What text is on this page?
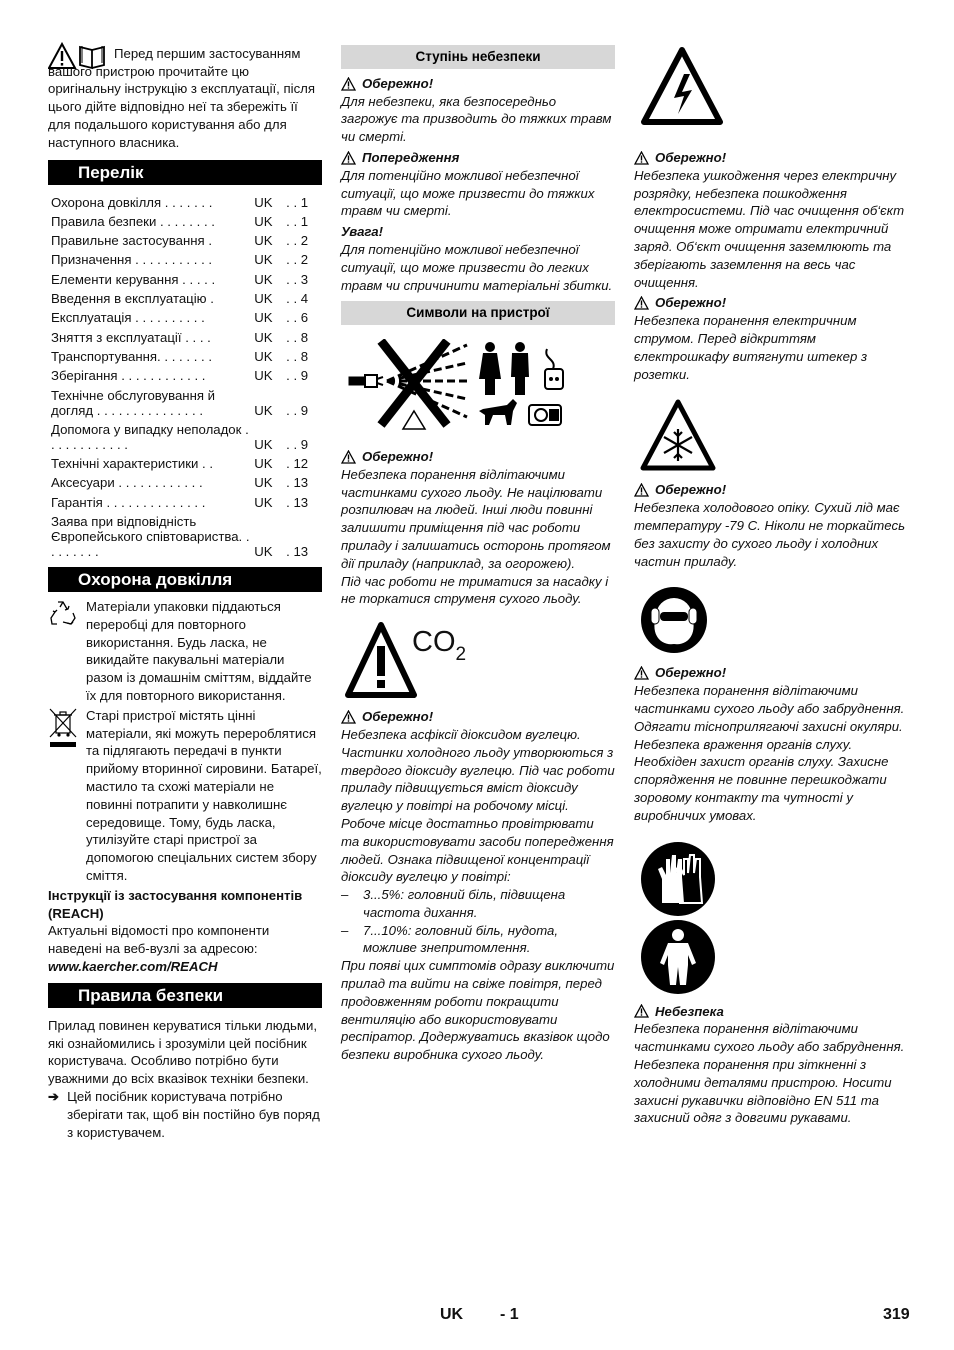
Перед першим застосуванням вашого пристрою прочитайте цю оригінальну інструкцію з експлуатації, після цього дійте відповідно неї та збережіть її для подальшого користування або для наступного власника.

Перелік
Охорона довкілля . . . . . . .	UK	. . 1
Правила безпеки . . . . . . . .	UK	. . 1
Правильне застосування .	UK	. . 2
Призначення . . . . . . . . . . .	UK	. . 2
Елементи керування . . . . .	UK	. . 3
Введення в експлуатацію .	UK	. . 4
Експлуатація . . . . . . . . . .	UK	. . 6
Зняття з експлуатації . . . .	UK	. . 8
Транспортування. . . . . . . .	UK	. . 8
Зберігання . . . . . . . . . . . .	UK	. . 9
Технічне обслуговування й догляд . . . . . . . . . . . . . . .	UK	. . 9
Допомога у випадку неполадок . . . . . . . . . . . .	UK	. . 9
Технічні характеристики . .	UK	. 12
Аксесуари . . . . . . . . . . . .	UK	. 13
Гарантія . . . . . . . . . . . . . .	UK	. 13
Заява при відповідність Європейського співтовариства. . . . . . . . .	UK	. 13
Охорона довкілля

Матеріали упаковки піддаються переробці для повторного використання. Будь ласка, не викидайте пакувальні матеріали разом із домашнім сміттям, віддайте їх для повторного використання.

Старі пристрої містять цінні матеріали, які можуть перероблятися та підлягають передачі в пункти прийому вторинної сировини. Батареї, мастило та схожі матеріали не повинні потрапити у навколишнє середовище. Тому, будь ласка, утилізуйте старі пристрої за допомогою спеціальних систем збору сміття.

Інструкції із застосування компонентів (REACH)

Актуальні відомості про компоненти наведені на веб-вузлі за адресою:

www.kaercher.com/REACH

Правила безпеки

Прилад повинен керуватися тільки людьми, які ознайомились і зрозуміли цей посібник користувача. Особливо потрібно бути уважними до всіх вказівок техніки безпеки.

➔ Цей посібник користувача потрібно зберігати так, щоб він постійно був поряд з користувачем.

Ступінь небезпеки
Обережно!

Для небезпеки, яка безпосередньо загрожує та призводить до тяжких травм чи смерті.

Попередження

Для потенційно можливої небезпечної ситуації, що може призвести до тяжких травм чи смерті.

Увага!

Для потенційно можливої небезпечної ситуації, що може призвести до легких травм чи спричинити матеріальні збитки.

Символи на пристрої
Обережно!

Небезпека поранення відлітаючими частинками сухого льоду. Не націлювати розпилювач на людей. Інші люди повинні залишити приміщення під час роботи приладу і залишатись осторонь протягом дії приладу (наприклад, за огорожею).

Під час роботи не триматися за насадку і не торкатися струменя сухого льоду.

$CO_2$
Обережно!

Небезпека асфіксії діоксидом вуглецю. Частинки холодного льоду утворюються з твердого діоксиду вуглецю. Під час роботи приладу підвищується вміст діоксиду вуглецю у повітрі на робочому місці. Робоче місце достатньо провітрювати та використовувати засоби попередження людей. Ознака підвищеної концентрації діоксиду вуглецю у повітрі:

– 3...5%: головний біль, підвищена частота дихання.
– 7...10%: головний біль, нудота, можливе знепритомлення.

При появі цих симптомів одразу виключити прилад та вийти на свіже повітря, перед продовженням роботи покращити вентиляцію або використовувати респіратор. Додержуватись вказівок щодо безпеки виробника сухого льоду.

Обережно!

Небезпека ушкодження через електричну розрядку, небезпека пошкодження електросистеми. Під час очищення об‘єкт очищення може отримати електричний заряд. Об‘єкт очищення заземлюють та зберігають заземлення на весь час очищення.

Обережно!

Небезпека поранення електричним струмом. Перед відкриттям єлектрошкафу витягнути штекер з розетки.

Обережно!

Небезпека холодового опіку. Сухий лід має температуру -79 С. Ніколи не торкайтесь без захисту до сухого льоду і холодних частин приладу.

Обережно!

Небезпека поранення відлітаючими частинками сухого льоду або забруднення. Одягати тіснoприлягаючі захисні окуляри. Небезпека враження органів слуху. Необхіден захист органів слуху. Захисне спорядження не повинне перешкоджати зоровому контакту та чутності у виробничих умовах.

Небезпека

Небезпека поранення відлітаючими частинками сухого льоду або забруднення. Небезпека поранення при зіткненні з холодними деталями пристрою. Носити захисні рукавички відповідно EN 511 та захисний одяг з довгими рукавами.

UK - 1	319
